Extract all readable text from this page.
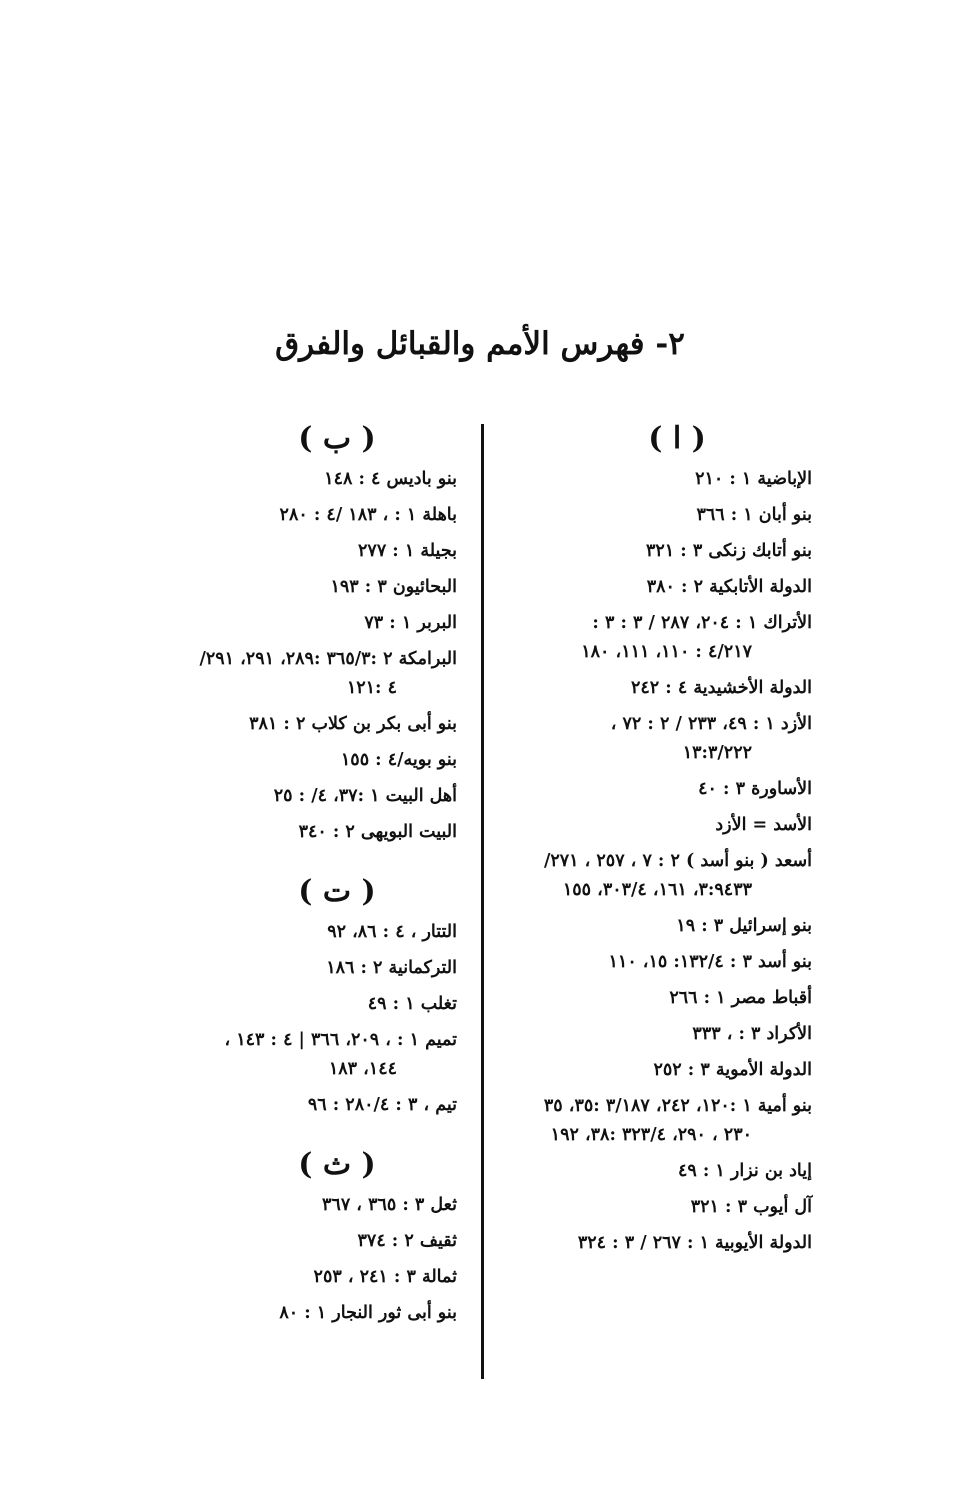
٢- فهرس الأمم والقبائل والفرق
( ا )
الإباضية ١ : ٢١٠
بنو أبان ١ : ٣٦٦
بنو أتابك زنكى ٣ : ٣٢١
الدولة الأتابكية ٢ : ٣٨٠
الأتراك ١ : ٢٠٤، ٢٨٧ / ٣ : ٣ :
٤/٢١٧ : ١١٠، ١١١، ١٨٠
الدولة الأخشيدية ٤ : ٢٤٢
الأزد ١ : ٤٩، ٢٣٣ / ٢ : ٧٢ ،
١٣:٣/٢٢٢
الأساورة ٣ : ٤٠
الأسد = الأزد
أسعد ( بنو أسد ) ٢ : ٧ ، ٢٥٧ ، ٢٧١/
٣:٩٤٣٣، ١٦١، ٣٠٣/٤، ١٥٥
بنو إسرائيل ٣ : ١٩
بنو أسد ٣ : ١٣٢/٤: ١٥، ١١٠
أقباط مصر ١ : ٢٦٦
الأكراد ٣ : ، ٣٣٣
الدولة الأموية ٣ : ٢٥٢
بنو أمية ١ :١٢٠، ٢٤٢، ٣/١٨٧ :٣٥، ٣٥
٢٣٠ ، ٢٩٠، ٣٢٣/٤ :٣٨، ١٩٢
إياد بن نزار ١ : ٤٩
آل أيوب ٣ : ٣٢١
الدولة الأيوبية ١ : ٢٦٧ / ٣ : ٣٢٤
( ب )
بنو باديس ٤ : ١٤٨
باهلة ١ : ، ١٨٣ /٤ : ٢٨٠
بجيلة ١ : ٢٧٧
البحائيون ٣ : ١٩٣
البربر ١ : ٧٣
البرامكة ٢ :٣٦٥/٣ :٢٨٩، ٢٩١، ٢٩١/
٤ :١٢١
بنو أبى بكر بن كلاب ٢ : ٣٨١
بنو بويه/٤ : ١٥٥
أهل البيت ١ :٣٧، ٤/ : ٢٥
البيت البويهى ٢ : ٣٤٠
( ت )
التتار ، ٤ : ٨٦، ٩٢
التركمانية ٢ : ١٨٦
تغلب ١ : ٤٩
تميم ١ : ، ٢٠٩، ٣٦٦ | ٤ : ١٤٣ ،
١٤٤، ١٨٣
تيم ، ٣ : ٢٨٠/٤ : ٩٦
( ث )
ثعل ٣ : ٣٦٥ ، ٣٦٧
ثقيف ٢ : ٣٧٤
ثمالة ٣ : ٢٤١ ، ٢٥٣
بنو أبى ثور النجار ١ : ٨٠
